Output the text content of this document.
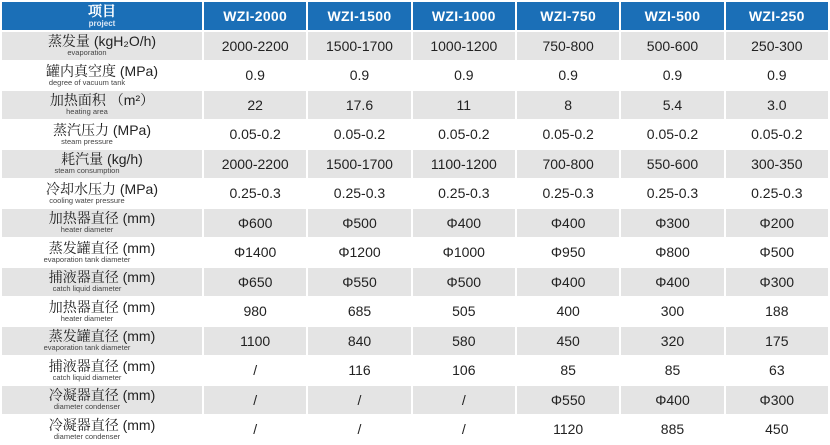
项目
project	WZI-2000	WZI-1500	WZI-1000	WZI-750	WZI-500	WZI-250

蒸发量 (kgH₂O/h)
evaporation	2000-2200	1500-1700	1000-1200	750-800	500-600	250-300

罐内真空度 (MPa)
degree of vacuum tank	0.9	0.9	0.9	0.9	0.9	0.9

加热面积 （m²）
heating area	22	17.6	11	8	5.4	3.0

蒸汽压力 (MPa)
steam pressure	0.05-0.2	0.05-0.2	0.05-0.2	0.05-0.2	0.05-0.2	0.05-0.2

耗汽量 (kg/h)
steam consumption	2000-2200	1500-1700	1100-1200	700-800	550-600	300-350

冷却水压力 (MPa)
cooling water pressure	0.25-0.3	0.25-0.3	0.25-0.3	0.25-0.3	0.25-0.3	0.25-0.3

加热器直径 (mm)
heater diameter	Φ600	Φ500	Φ400	Φ400	Φ300	Φ200

蒸发罐直径 (mm)
evaporation tank diameter	Φ1400	Φ1200	Φ1000	Φ950	Φ800	Φ500

捕液器直径 (mm)
catch liquid diameter	Φ650	Φ550	Φ500	Φ400	Φ400	Φ300

加热器直径 (mm)
heater diameter	980	685	505	400	300	188

蒸发罐直径 (mm)
evaporation tank diameter	1100	840	580	450	320	175

捕液器直径 (mm)
catch liquid diameter	/	116	106	85	85	63

冷凝器直径 (mm)
diameter condenser	/	/	/	Φ550	Φ400	Φ300

冷凝器直径 (mm)
diameter condenser	/	/	/	1120	885	450
